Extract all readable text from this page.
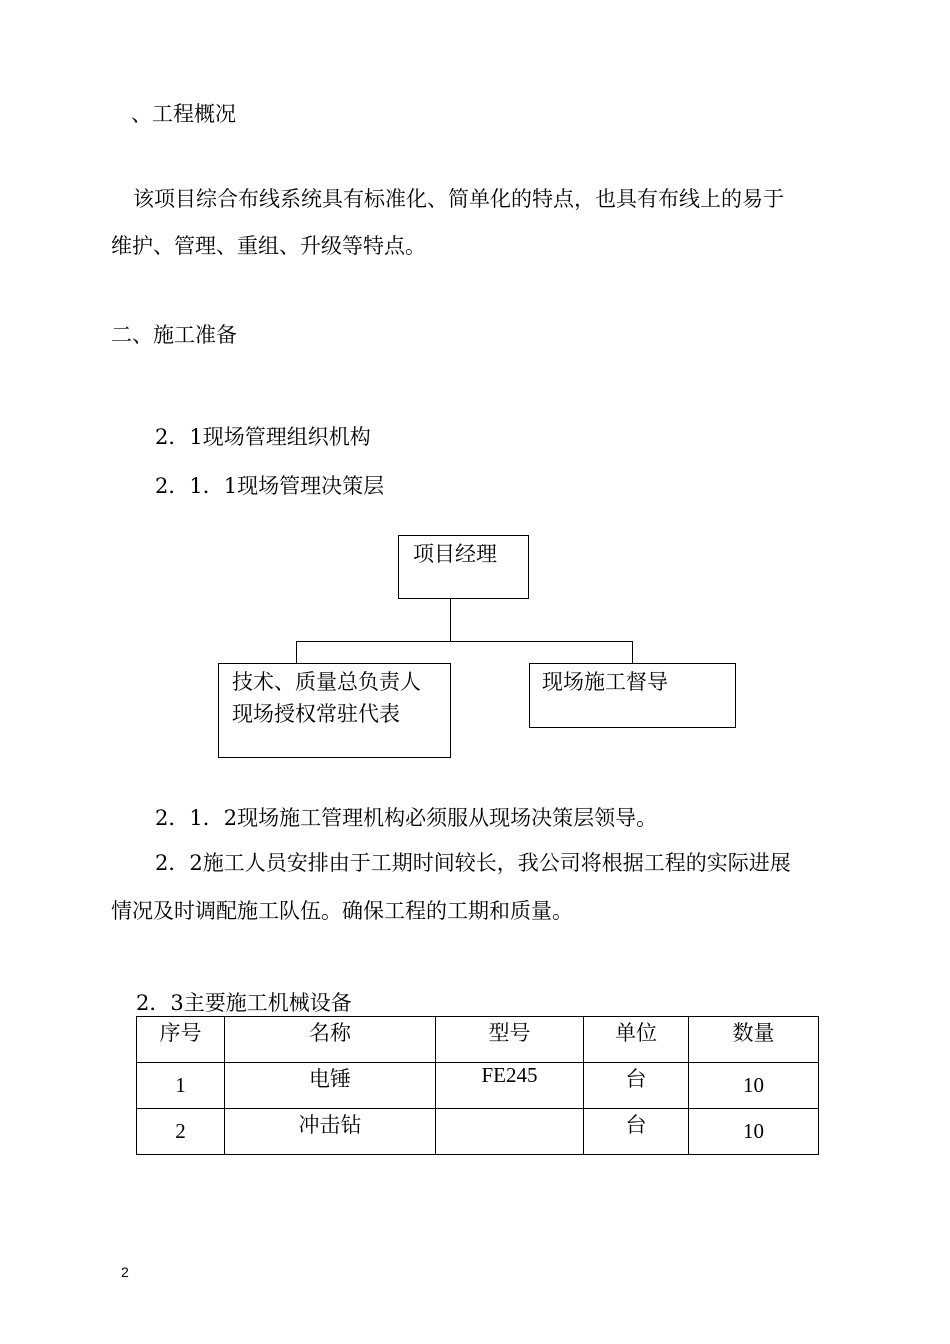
、工程概况
该项目综合布线系统具有标准化、简单化的特点，也具有布线上的易于
维护、管理、重组、升级等特点。
二、施工准备
2．1现场管理组织机构
2．1．1现场管理决策层
项目经理
技术、质量总负责人
现场授权常驻代表
现场施工督导
2．1．2现场施工管理机构必须服从现场决策层领导。
2．2施工人员安排由于工期时间较长，我公司将根据工程的实际进展
情况及时调配施工队伍。确保工程的工期和质量。
2．3主要施工机械设备
序号	名称	型号	单位	数量
1	电锤	FE245	台	10
2	冲击钻		台	10
2
